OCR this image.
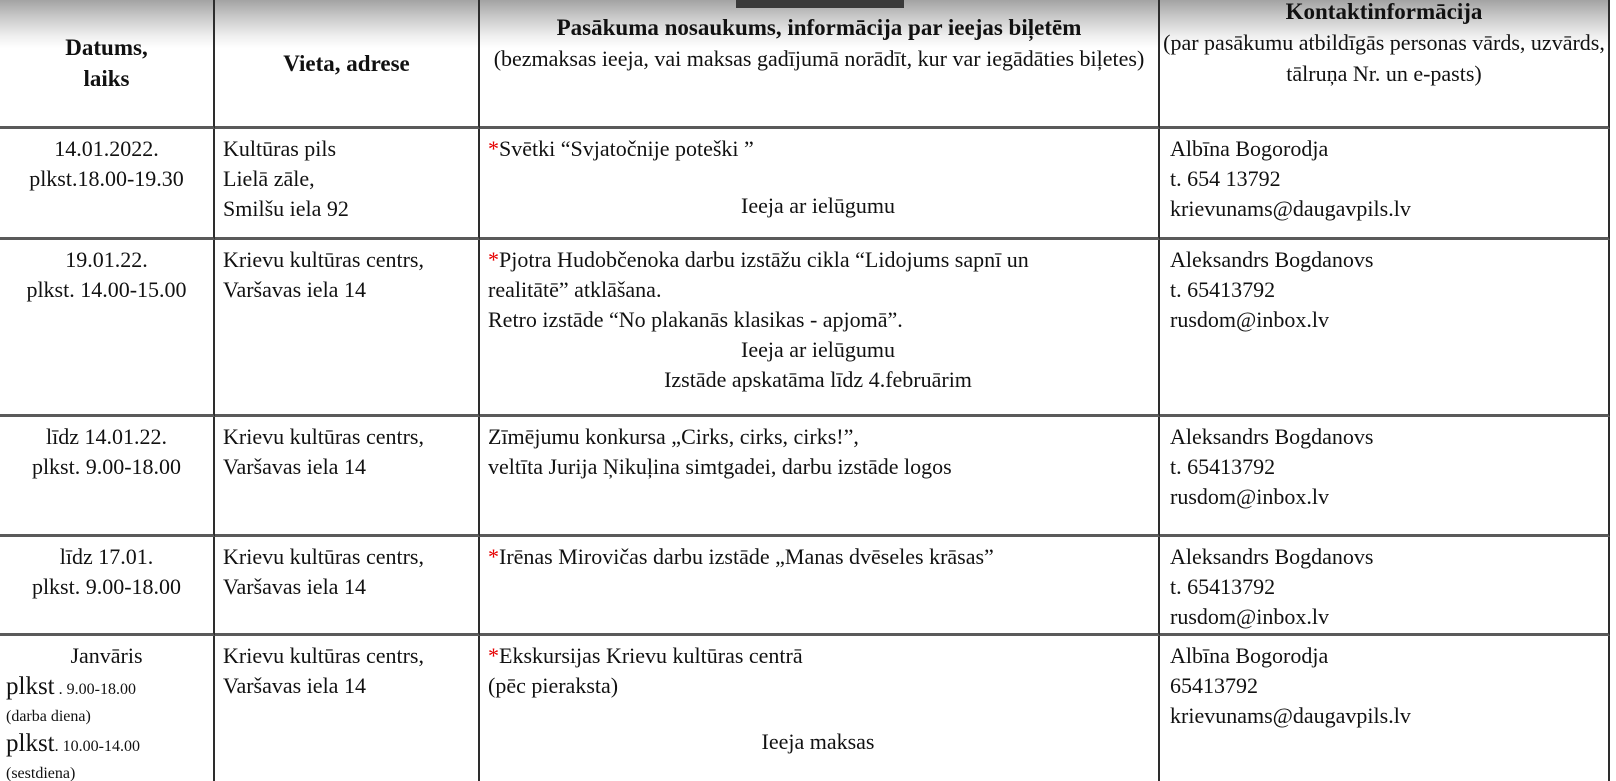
Datums,
laiks
Vieta, adrese
Pasākuma nosaukums, informācija par ieejas biļetēm
(bezmaksas ieeja, vai maksas gadījumā norādīt, kur var iegādāties biļetes)
Kontaktinformācija
(par pasākumu atbildīgās personas vārds, uzvārds, tālruņa Nr. un e-pasts)
14.01.2022.
plkst.18.00-19.30
Kultūras pils
Lielā zāle,
Smilšu iela 92
*Svētki “Svjatočnije poteški ”
Ieeja ar ielūgumu
Albīna Bogorodja
t. 654 13792
krievunams@daugavpils.lv
19.01.22.
plkst. 14.00-15.00
Krievu kultūras centrs,
Varšavas iela 14
*Pjotra Hudobčenoka darbu izstāžu cikla “Lidojums sapnī un
realitātē” atklāšana.
Retro izstāde “No plakanās klasikas - apjomā”.
Ieeja ar ielūgumu
Izstāde apskatāma līdz 4.februārim
Aleksandrs Bogdanovs
t. 65413792
rusdom@inbox.lv
līdz 14.01.22.
plkst. 9.00-18.00
Krievu kultūras centrs,
Varšavas iela 14
Zīmējumu konkursa „Cirks, cirks, cirks!”,
veltīta Jurija Ņikuļina simtgadei, darbu izstāde logos
Aleksandrs Bogdanovs
t. 65413792
rusdom@inbox.lv
līdz 17.01.
plkst. 9.00-18.00
Krievu kultūras centrs,
Varšavas iela 14
*Irēnas Mirovičas darbu izstāde „Manas dvēseles krāsas”	Aleksandrs Bogdanovs
t. 65413792
rusdom@inbox.lv
Janvāris
plkst . 9.00-18.00
(darba diena)
plkst. 10.00-14.00
(sestdiena)
Krievu kultūras centrs,
Varšavas iela 14
*Ekskursijas Krievu kultūras centrā
(pēc pieraksta)
Ieeja maksas
Albīna Bogorodja
65413792
krievunams@daugavpils.lv
